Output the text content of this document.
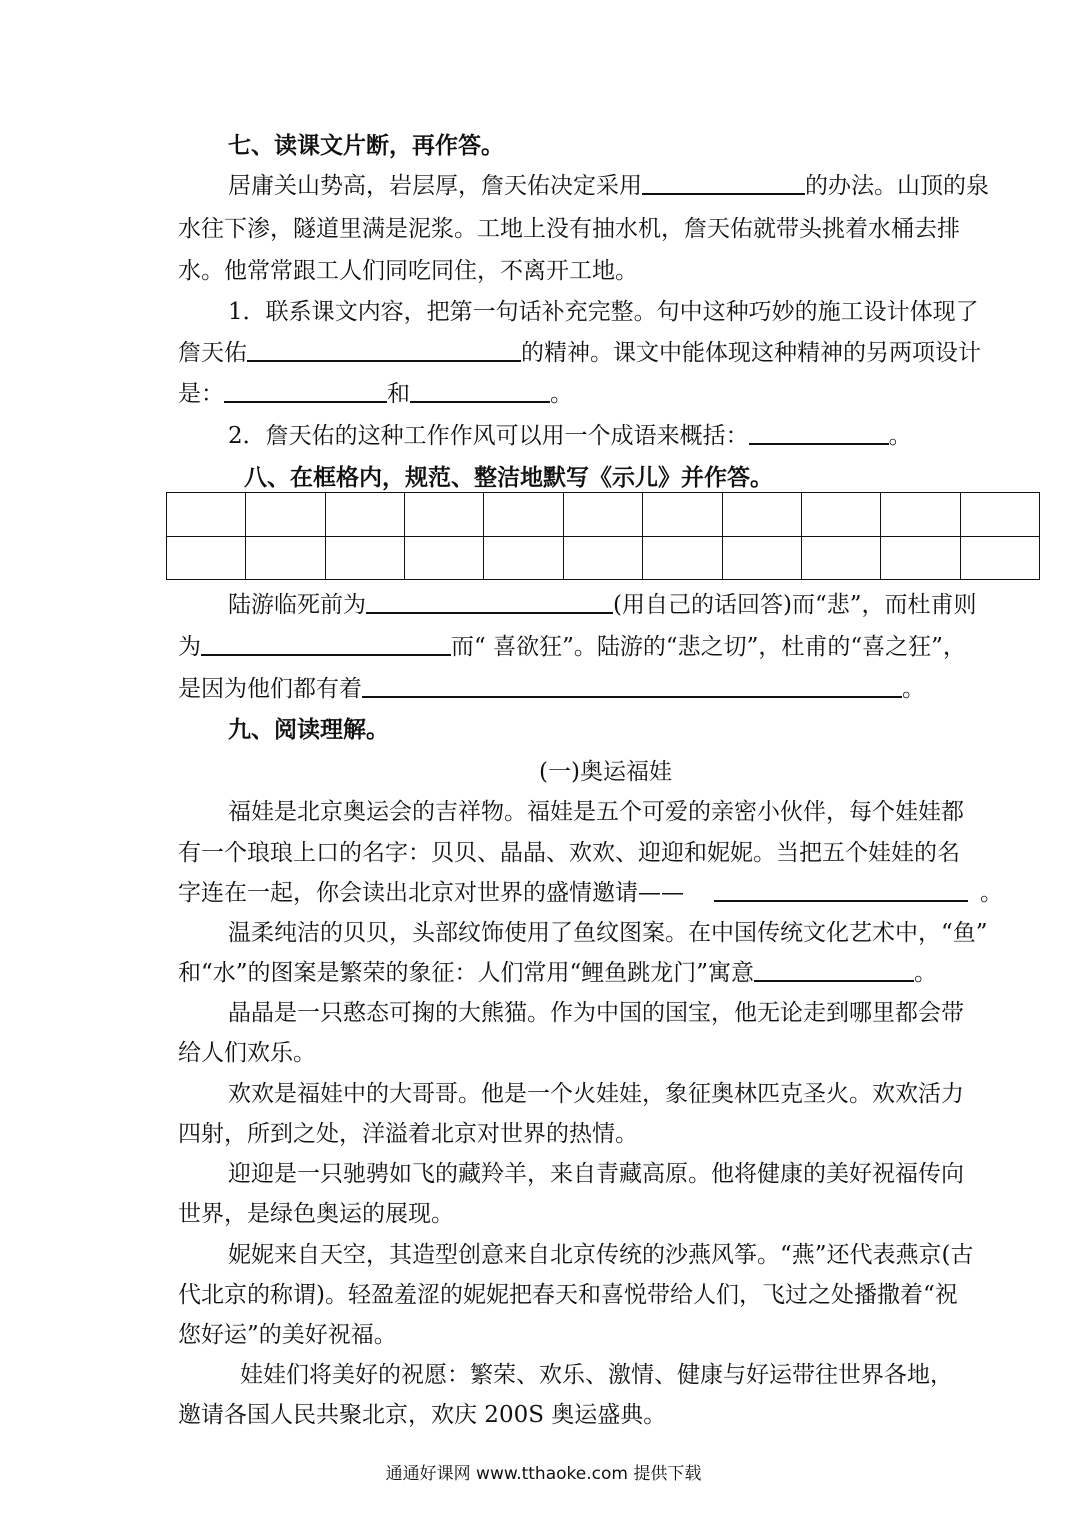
七、读课文片断，再作答。
居庸关山势高，岩层厚，詹天佑决定采用	的办法。山顶的泉
水往下渗，隧道里满是泥浆。工地上没有抽水机，詹天佑就带头挑着水桶去排
水。他常常跟工人们同吃同住，不离开工地。
1．联系课文内容，把第一句话补充完整。句中这种巧妙的施工设计体现了
詹天佑	的精神。课文中能体现这种精神的另两项设计
是：	和	。
2．詹天佑的这种工作作风可以用一个成语来概括：	。
八、在框格内，规范、整洁地默写《示儿》并作答。

陆游临死前为	(用自己的话回答)而“悲”，而杜甫则
为	而“ 喜欲狂”。陆游的“悲之切”，杜甫的“喜之狂”，
是因为他们都有着	。
九、阅读理解。
(一)奥运福娃
福娃是北京奥运会的吉祥物。福娃是五个可爱的亲密小伙伴，每个娃娃都
有一个琅琅上口的名字：贝贝、晶晶、欢欢、迎迎和妮妮。当把五个娃娃的名
字连在一起，你会读出北京对世界的盛情邀请——	。
温柔纯洁的贝贝，头部纹饰使用了鱼纹图案。在中国传统文化艺术中，“鱼”
和“水”的图案是繁荣的象征：人们常用“鲤鱼跳龙门”寓意	。
晶晶是一只憨态可掬的大熊猫。作为中国的国宝，他无论走到哪里都会带
给人们欢乐。
欢欢是福娃中的大哥哥。他是一个火娃娃，象征奥林匹克圣火。欢欢活力
四射，所到之处，洋溢着北京对世界的热情。
迎迎是一只驰骋如飞的藏羚羊，来自青藏高原。他将健康的美好祝福传向
世界，是绿色奥运的展现。
妮妮来自天空，其造型创意来自北京传统的沙燕风筝。“燕”还代表燕京(古
代北京的称谓)。轻盈羞涩的妮妮把春天和喜悦带给人们，飞过之处播撒着“祝
您好运”的美好祝福。
娃娃们将美好的祝愿：繁荣、欢乐、激情、健康与好运带往世界各地，
邀请各国人民共聚北京，欢庆 200S 奥运盛典。
通通好课网 www.tthaoke.com 提供下载
